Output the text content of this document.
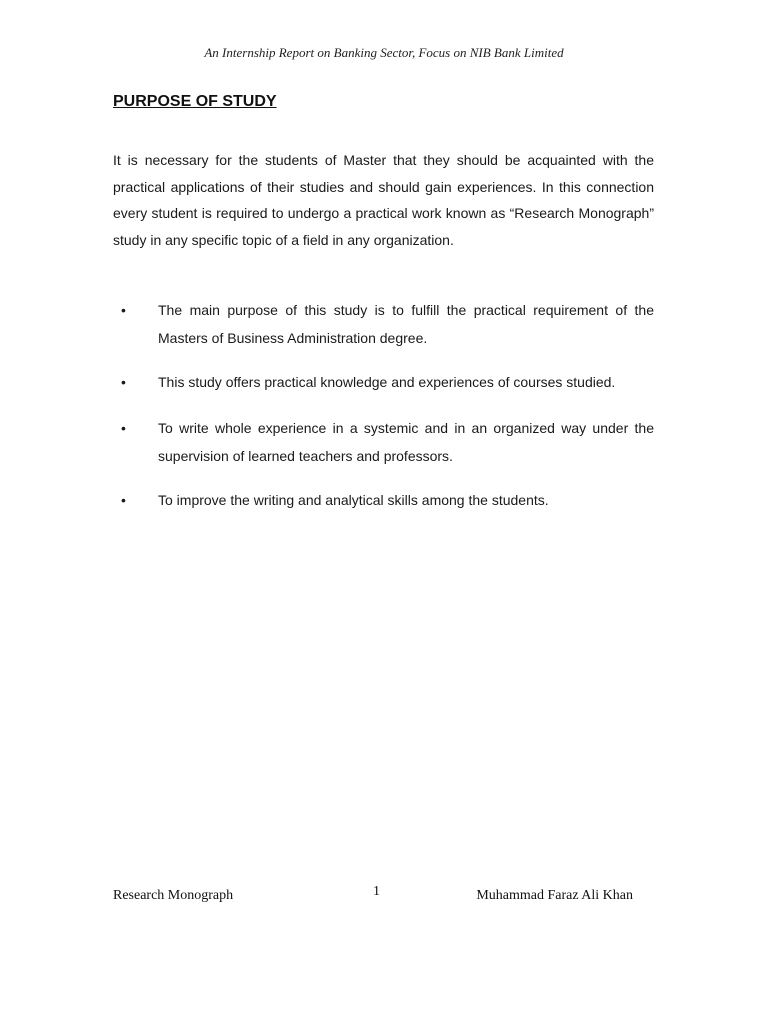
An Internship Report on Banking Sector, Focus on NIB Bank Limited
PURPOSE OF STUDY

It is necessary for the students of Master that they should be acquainted with the practical applications of their studies and should gain experiences. In this connection every student is required to undergo a practical work known as “Research Monograph” study in any specific topic of a field in any organization.

• The main purpose of this study is to fulfill the practical requirement of the Masters of Business Administration degree.
• This study offers practical knowledge and experiences of courses studied.
• To write whole experience in a systemic and in an organized way under the supervision of learned teachers and professors.
• To improve the writing and analytical skills among the students.
Research Monograph	1	Muhammad Faraz Ali Khan
